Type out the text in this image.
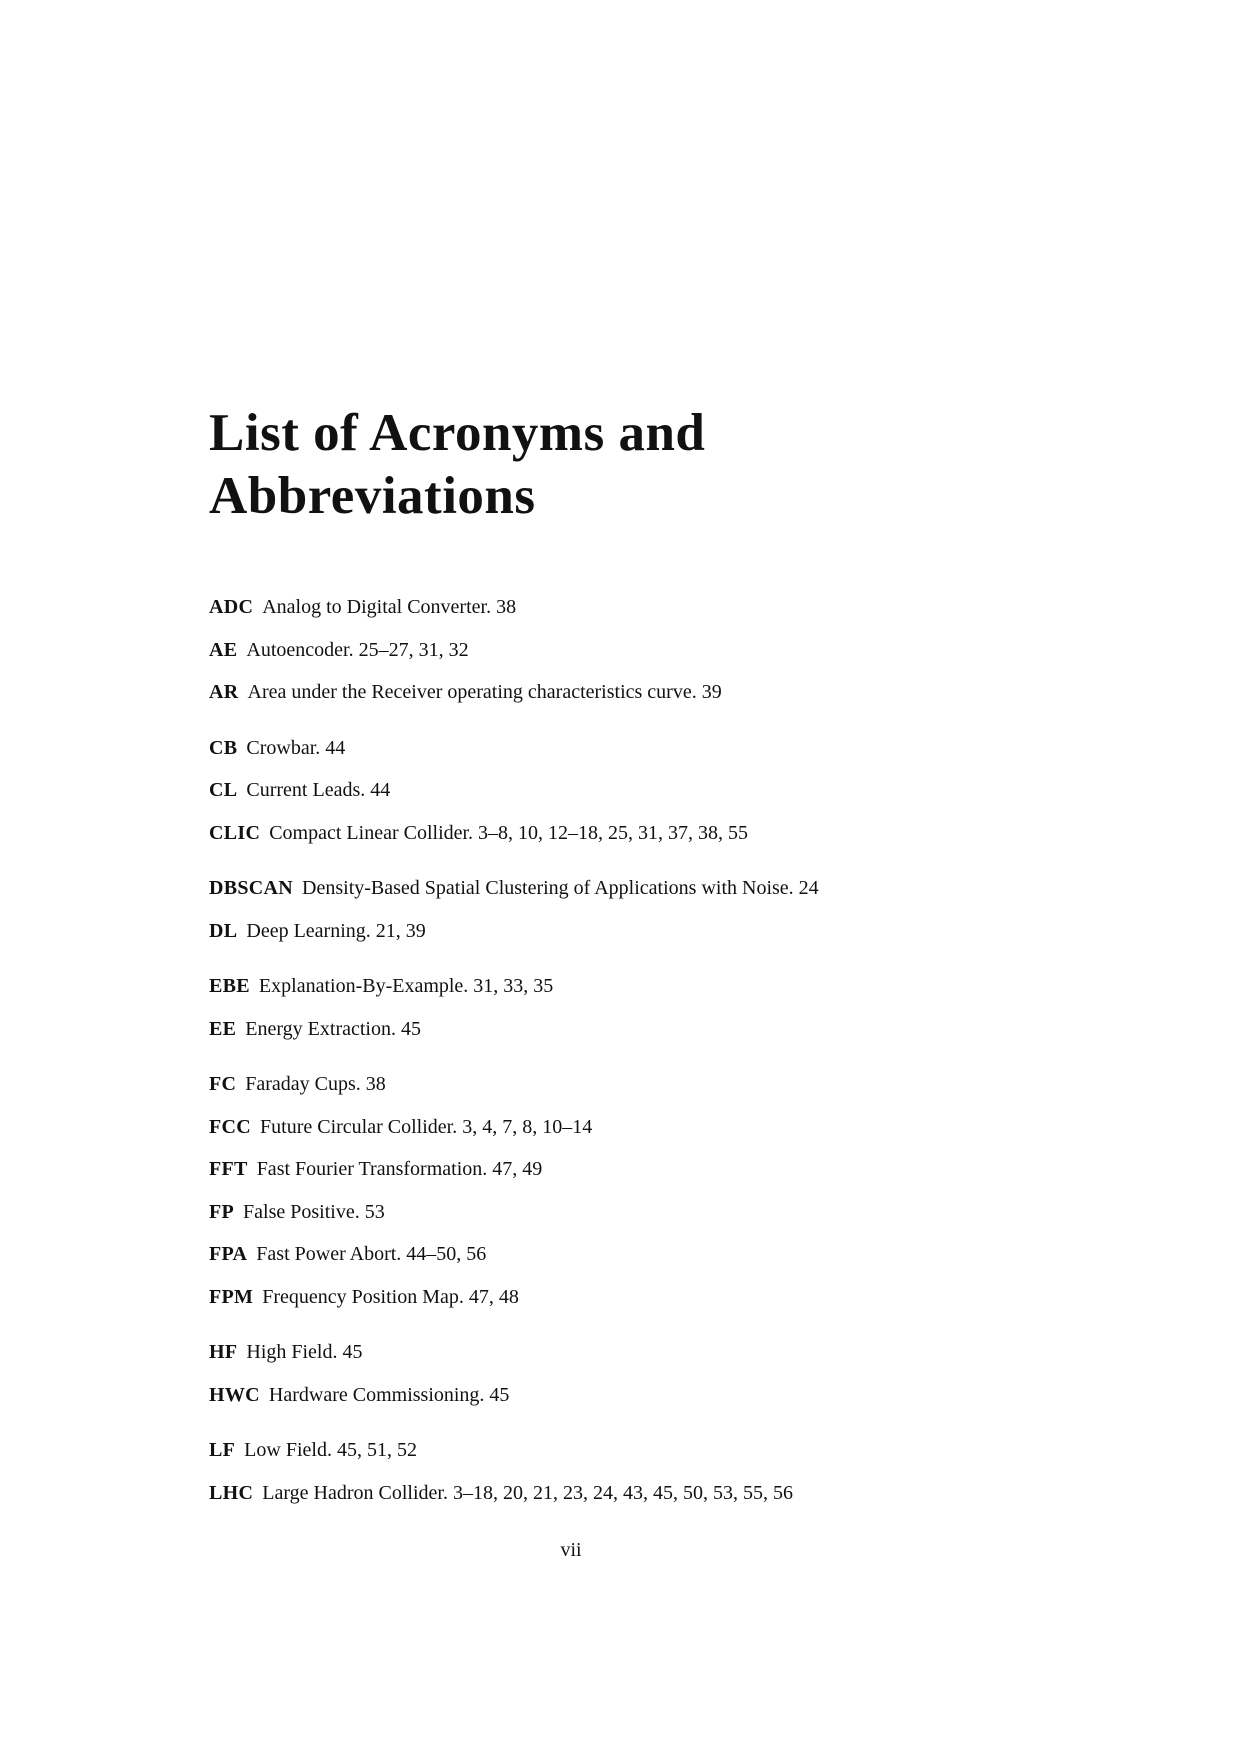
List of Acronyms and Abbreviations
ADC Analog to Digital Converter. 38
AE Autoencoder. 25–27, 31, 32
AR Area under the Receiver operating characteristics curve. 39
CB Crowbar. 44
CL Current Leads. 44
CLIC Compact Linear Collider. 3–8, 10, 12–18, 25, 31, 37, 38, 55
DBSCAN Density-Based Spatial Clustering of Applications with Noise. 24
DL Deep Learning. 21, 39
EBE Explanation-By-Example. 31, 33, 35
EE Energy Extraction. 45
FC Faraday Cups. 38
FCC Future Circular Collider. 3, 4, 7, 8, 10–14
FFT Fast Fourier Transformation. 47, 49
FP False Positive. 53
FPA Fast Power Abort. 44–50, 56
FPM Frequency Position Map. 47, 48
HF High Field. 45
HWC Hardware Commissioning. 45
LF Low Field. 45, 51, 52
LHC Large Hadron Collider. 3–18, 20, 21, 23, 24, 43, 45, 50, 53, 55, 56
vii
